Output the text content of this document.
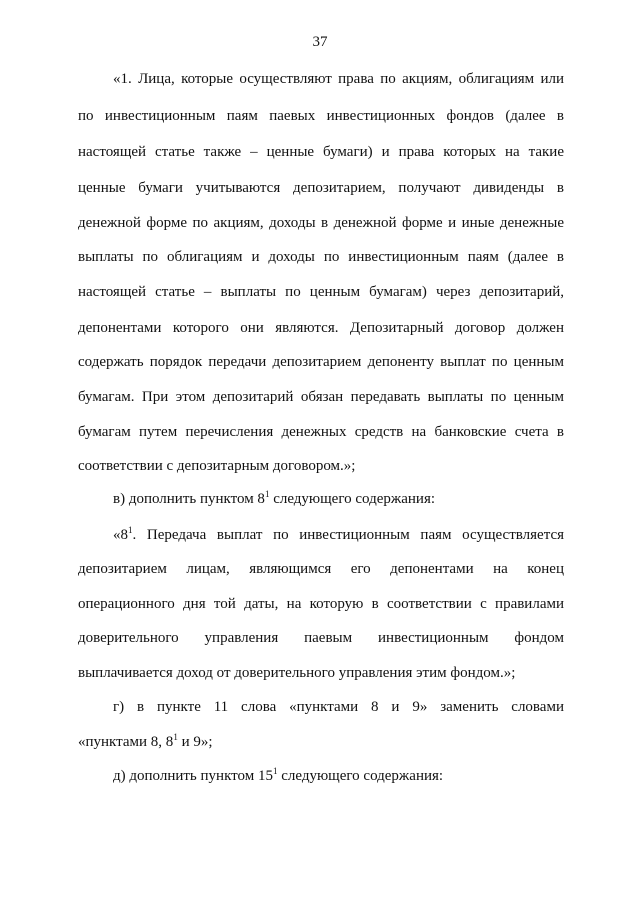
37
«1. Лица, которые осуществляют права по акциям, облигациям или
по инвестиционным паям паевых инвестиционных фондов (далее в
настоящей статье также – ценные бумаги) и права которых на такие
ценные бумаги учитываются депозитарием, получают дивиденды в
денежной форме по акциям, доходы в денежной форме и иные денежные
выплаты по облигациям и доходы по инвестиционным паям (далее в
настоящей статье – выплаты по ценным бумагам) через депозитарий,
депонентами которого они являются. Депозитарный договор должен
содержать порядок передачи депозитарием депоненту выплат по ценным
бумагам. При этом депозитарий обязан передавать выплаты по ценным
бумагам путем перечисления денежных средств на банковские счета в
соответствии с депозитарным договором.»;
в) дополнить пунктом $8^1$ следующего содержания:
«$8^1$. Передача выплат по инвестиционным паям осуществляется
депозитарием лицам, являющимся его депонентами на конец
операционного дня той даты, на которую в соответствии с правилами
доверительного управления паевым инвестиционным фондом
выплачивается доход от доверительного управления этим фондом.»;
г) в пункте 11 слова «пунктами 8 и 9» заменить словами
«пунктами 8, $8^1$ и 9»;
д) дополнить пунктом $15^1$ следующего содержания:
